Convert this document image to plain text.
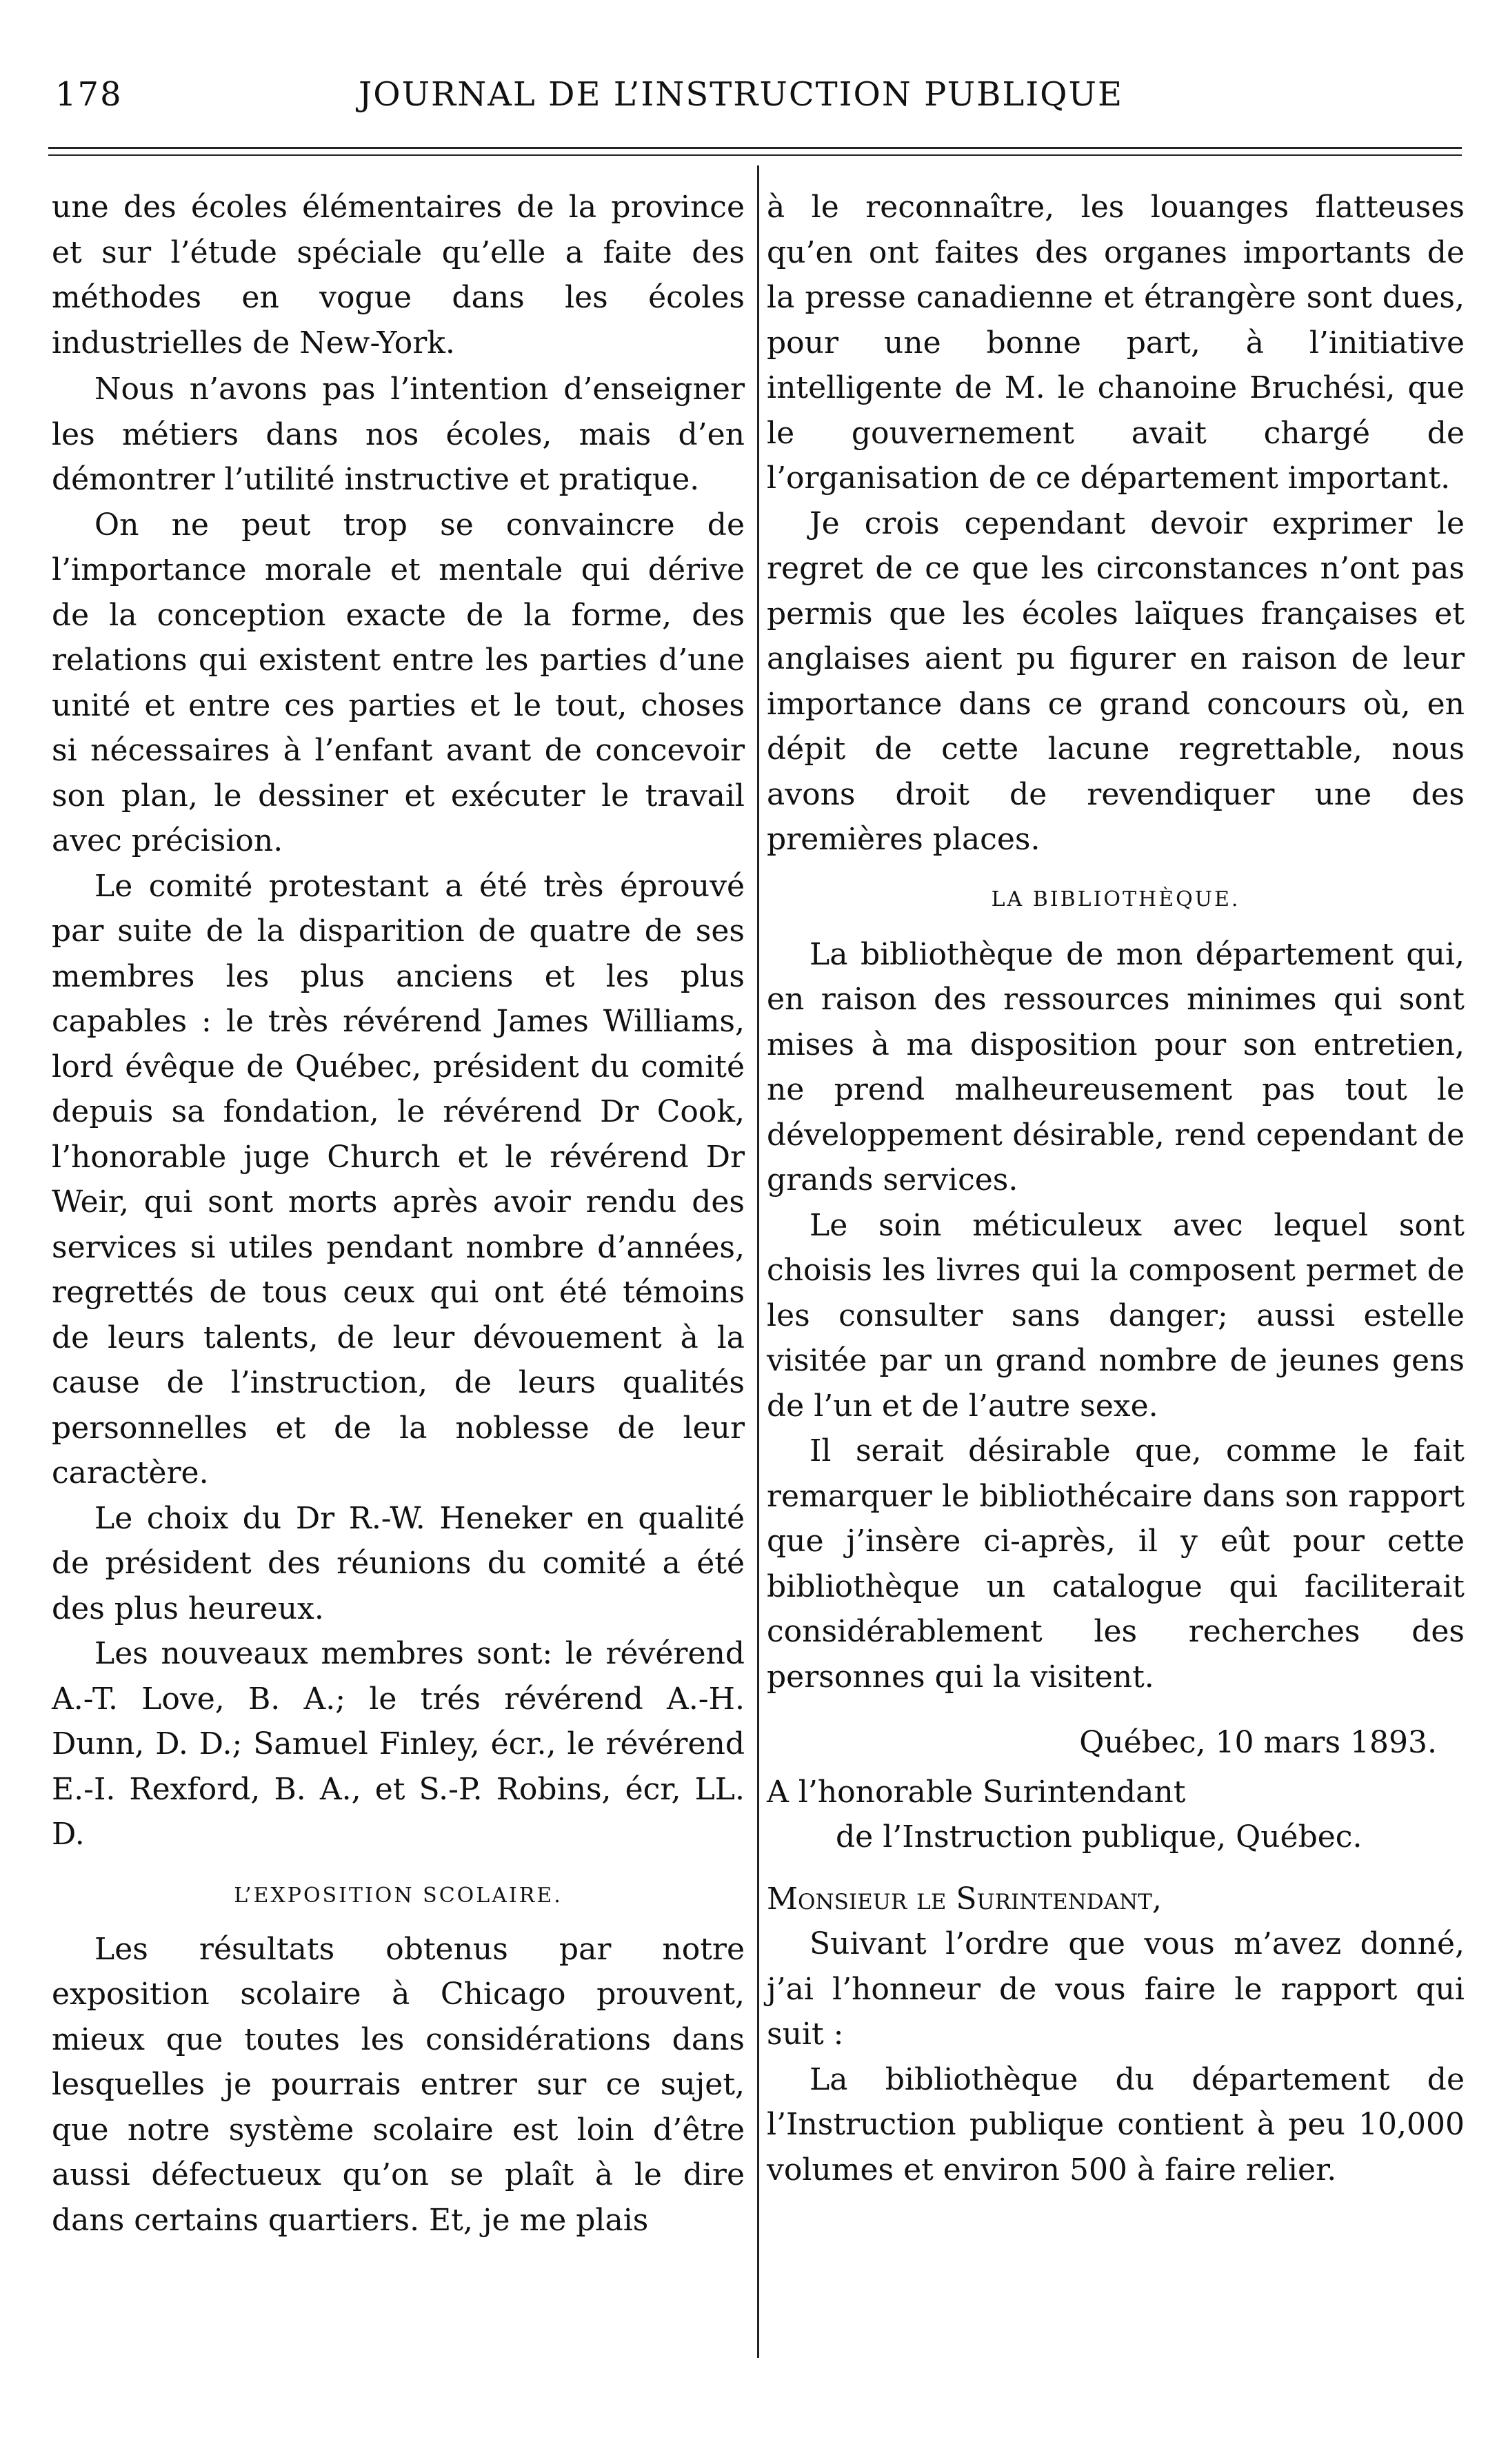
178	JOURNAL DE L’INSTRUCTION PUBLIQUE

une des écoles élémentaires de la province et sur l’étude spéciale qu’elle a faite des méthodes en vogue dans les écoles industrielles de New-York.

Nous n’avons pas l’intention d’enseigner les métiers dans nos écoles, mais d’en démontrer l’utilité instructive et pratique.

On ne peut trop se convaincre de l’importance morale et mentale qui dérive de la conception exacte de la forme, des relations qui existent entre les parties d’une unité et entre ces parties et le tout, choses si nécessaires à l’enfant avant de concevoir son plan, le dessiner et exécuter le travail avec précision.

Le comité protestant a été très éprouvé par suite de la disparition de quatre de ses membres les plus anciens et les plus capables : le très révérend James Williams, lord évêque de Québec, président du comité depuis sa fondation, le révérend Dr Cook, l’honorable juge Church et le révérend Dr Weir, qui sont morts après avoir rendu des services si utiles pendant nombre d’années, regrettés de tous ceux qui ont été témoins de leurs talents, de leur dévouement à la cause de l’instruction, de leurs qualités personnelles et de la noblesse de leur caractère.

Le choix du Dr R.-W. Heneker en qualité de président des réunions du comité a été des plus heureux.

Les nouveaux membres sont: le révérend A.-T. Love, B. A.; le trés révérend A.-H. Dunn, D. D.; Samuel Finley, écr., le révérend E.-I. Rexford, B. A., et S.-P. Robins, écr, LL. D.

L’EXPOSITION SCOLAIRE.

Les résultats obtenus par notre exposition scolaire à Chicago prouvent, mieux que toutes les considérations dans lesquelles je pourrais entrer sur ce sujet, que notre système scolaire est loin d’être aussi défectueux qu’on se plaît à le dire dans certains quartiers. Et, je me plais

à le reconnaître, les louanges flatteuses qu’en ont faites des organes importants de la presse canadienne et étrangère sont dues, pour une bonne part, à l’initiative intelligente de M. le chanoine Bruchési, que le gouvernement avait chargé de l’organisation de ce département important.

Je crois cependant devoir exprimer le regret de ce que les circonstances n’ont pas permis que les écoles laïques françaises et anglaises aient pu figurer en raison de leur importance dans ce grand concours où, en dépit de cette lacune regrettable, nous avons droit de revendiquer une des premières places.

LA BIBLIOTHÈQUE.

La bibliothèque de mon département qui, en raison des ressources minimes qui sont mises à ma disposition pour son entretien, ne prend malheureusement pas tout le développement désirable, rend cependant de grands services.

Le soin méticuleux avec lequel sont choisis les livres qui la composent permet de les consulter sans danger; aussi estelle visitée par un grand nombre de jeunes gens de l’un et de l’autre sexe.

Il serait désirable que, comme le fait remarquer le bibliothécaire dans son rapport que j’insère ci-après, il y eût pour cette bibliothèque un catalogue qui faciliterait considérablement les recherches des personnes qui la visitent.

Québec, 10 mars 1893.
A l’honorable Surintendant
de l’Instruction publique, Québec.
Monsieur le Surintendant,

Suivant l’ordre que vous m’avez donné, j’ai l’honneur de vous faire le rapport qui suit :

La bibliothèque du département de l’Instruction publique contient à peu 10,000 volumes et environ 500 à faire relier.
